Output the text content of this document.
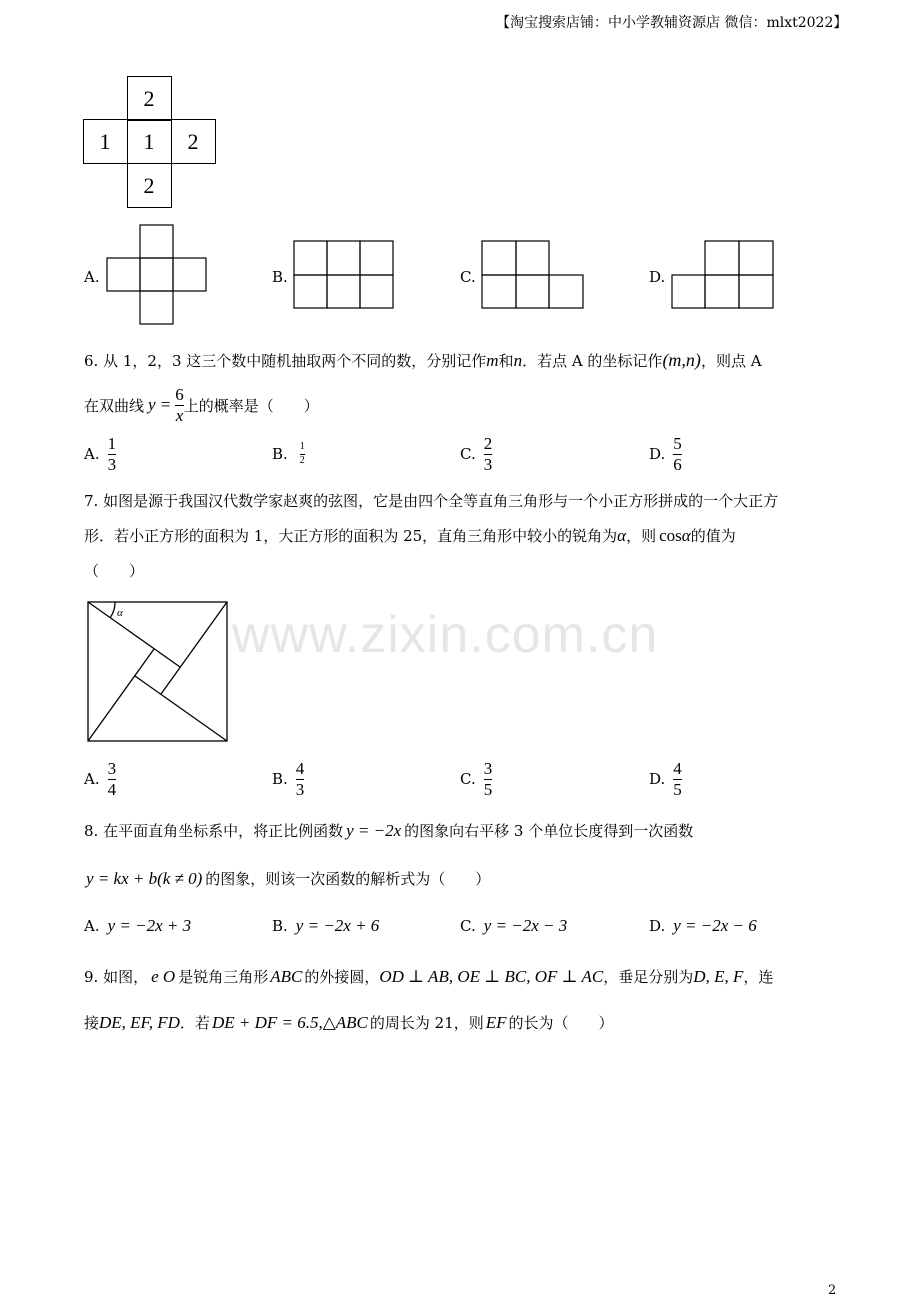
【淘宝搜索店铺：中小学教辅资源店 微信：mlxt2022】
2
1	1	2
2
A.	B.	C.	D.
6. 从 1，2，3 这三个数中随机抽取两个不同的数，分别记作m和n．若点 A 的坐标记作(m,n)，则点 A
在双曲线 $y = \frac{6}{x}$ 上的概率是（　　）
A. $\frac{1}{3}$	B. $\frac{1}{2}$	C. $\frac{2}{3}$	D. $\frac{5}{6}$
7. 如图是源于我国汉代数学家赵爽的弦图，它是由四个全等直角三角形与一个小正方形拼成的一个大正方
形．若小正方形的面积为 1，大正方形的面积为 25，直角三角形中较小的锐角为α，则 cosα的值为
（　　）
www.zixin.com.cn
α
A. $\frac{3}{4}$	B. $\frac{4}{3}$	C. $\frac{3}{5}$	D. $\frac{4}{5}$
8. 在平面直角坐标系中，将正比例函数 y = −2x 的图象向右平移 3 个单位长度得到一次函数
y = kx + b(k ≠ 0) 的图象，则该一次函数的解析式为（　　）
A. y = −2x + 3	B. y = −2x + 6	C. y = −2x − 3	D. y = −2x − 6
9. 如图， e O 是锐角三角形 ABC 的外接圆，OD ⊥ AB, OE ⊥ BC, OF ⊥ AC，垂足分别为D, E, F，连
接DE, EF, FD．若 DE + DF = 6.5,△ABC 的周长为 21，则 EF 的长为（　　）
2
